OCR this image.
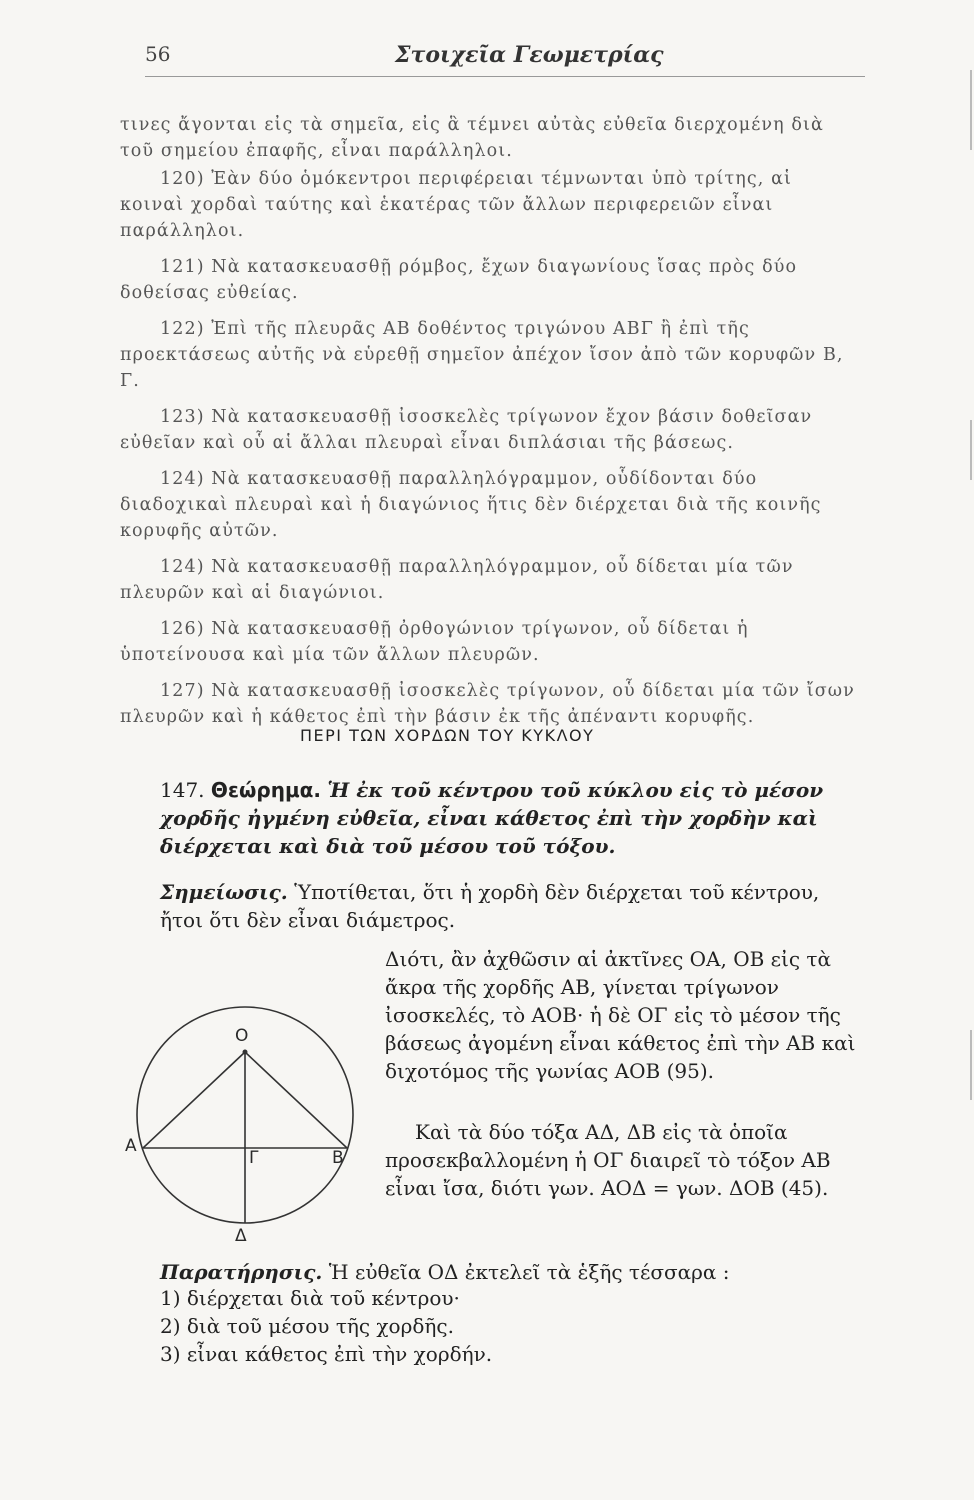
56	Στοιχεῖα Γεωμετρίας

τινες ἄγονται εἰς τὰ σημεῖα, εἰς ἃ τέμνει αὐτὰς εὐθεῖα διερχομένη διὰ τοῦ σημείου ἐπαφῆς, εἶναι παράλληλοι.

120) Ἐὰν δύο ὁμόκεντροι περιφέρειαι τέμνωνται ὑπὸ τρίτης, αἱ κοιναὶ χορδαὶ ταύτης καὶ ἑκατέρας τῶν ἄλλων περιφερειῶν εἶναι παράλληλοι.

121) Νὰ κατασκευασθῇ ρόμβος, ἔχων διαγωνίους ἴσας πρὸς δύο δοθείσας εὐθείας.

122) Ἐπὶ τῆς πλευρᾶς ΑΒ δοθέντος τριγώνου ΑΒΓ ἢ ἐπὶ τῆς προεκτάσεως αὐτῆς νὰ εὑρεθῇ σημεῖον ἀπέχον ἴσον ἀπὸ τῶν κορυφῶν Β, Γ.

123) Νὰ κατασκευασθῇ ἰσοσκελὲς τρίγωνον ἔχον βάσιν δοθεῖσαν εὐθεῖαν καὶ οὗ αἱ ἄλλαι πλευραὶ εἶναι διπλάσιαι τῆς βάσεως.

124) Νὰ κατασκευασθῇ παραλληλόγραμμον, οὗδίδονται δύο διαδοχικαὶ πλευραὶ καὶ ἡ διαγώνιος ἥτις δὲν διέρχεται διὰ τῆς κοινῆς κορυφῆς αὐτῶν.

124) Νὰ κατασκευασθῇ παραλληλόγραμμον, οὗ δίδεται μία τῶν πλευρῶν καὶ αἱ διαγώνιοι.

126) Νὰ κατασκευασθῇ ὀρθογώνιον τρίγωνον, οὗ δίδεται ἡ ὑποτείνουσα καὶ μία τῶν ἄλλων πλευρῶν.

127) Νὰ κατασκευασθῇ ἰσοσκελὲς τρίγωνον, οὗ δίδεται μία τῶν ἴσων πλευρῶν καὶ ἡ κάθετος ἐπὶ τὴν βάσιν ἐκ τῆς ἀπέναντι κορυφῆς.

ΠΕΡΙ ΤΩΝ ΧΟΡΔΩΝ ΤΟΥ ΚΥΚΛΟΥ

147. Θεώρημα. Ἡ ἐκ τοῦ κέντρου τοῦ κύκλου εἰς τὸ μέσον χορδῆς ἠγμένη εὐθεῖα, εἶναι κάθετος ἐπὶ τὴν χορδὴν καὶ διέρχεται καὶ διὰ τοῦ μέσου τοῦ τόξου.

Σημείωσις. Ὑποτίθεται, ὅτι ἡ χορδὴ δὲν διέρχεται τοῦ κέντρου, ἤτοι ὅτι δὲν εἶναι διάμετρος.

Διότι, ἂν ἀχθῶσιν αἱ ἀκτῖνες ΟΑ, ΟΒ εἰς τὰ ἄκρα τῆς χορδῆς ΑΒ, γίνεται τρίγωνον ἰσοσκελές, τὸ ΑΟΒ· ἡ δὲ ΟΓ εἰς τὸ μέσον τῆς βάσεως ἀγομένη εἶναι κάθετος ἐπὶ τὴν ΑΒ καὶ διχοτόμος τῆς γωνίας ΑΟΒ (95).

Ο
Α
Β
Γ
Δ

Καὶ τὰ δύο τόξα ΑΔ, ΔΒ εἰς τὰ ὁποῖα προσεκβαλλομένη ἡ ΟΓ διαιρεῖ τὸ τόξον ΑΒ εἶναι ἴσα, διότι γων. ΑΟΔ = γων. ΔΟΒ (45).

Παρατήρησις. Ἡ εὐθεῖα ΟΔ ἐκτελεῖ τὰ ἑξῆς τέσσαρα :

1) διέρχεται διὰ τοῦ κέντρου·
2) διὰ τοῦ μέσου τῆς χορδῆς.
3) εἶναι κάθετος ἐπὶ τὴν χορδήν.
